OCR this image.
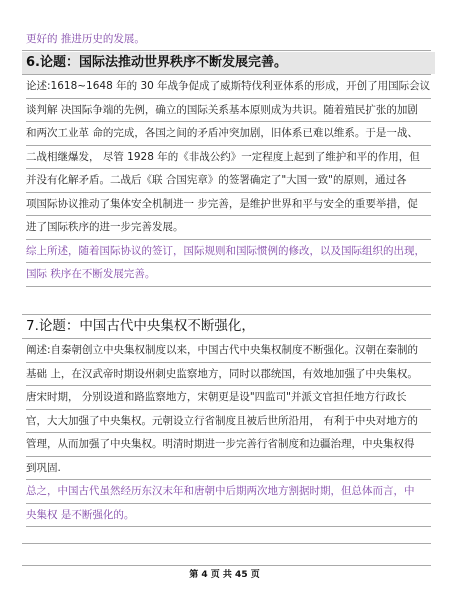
更好的 推进历史的发展。
6.论题：国际法推动世界秩序不断发展完善。
论述:1618~1648 年的 30 年战争促成了威斯特伐利亚体系的形成，开创了用国际会议
谈判解 决国际争端的先例，确立的国际关系基本原则成为共识。随着殖民扩张的加剧
和两次工业革 命的完成，各国之间的矛盾冲突加剧，旧体系已难以维系。于是一战、
二战相继爆发， 尽管 1928 年的《非战公约》一定程度上起到了维护和平的作用，但
并没有化解矛盾。二战后《联 合国宪章》的签署确定了"大国一致"的原则，通过各
项国际协议推动了集体安全机制进一 步完善，是维护世界和平与安全的重要举措，促
进了国际秩序的进一步完善发展。
综上所述，随着国际协议的签订，国际规则和国际惯例的修改，以及国际组织的出现，
国际 秩序在不断发展完善。
7.论题：中国古代中央集权不断强化，
阐述:自秦朝创立中央集权制度以来，中国古代中央集权制度不断强化。汉朝在秦制的
基础 上，在汉武帝时期设州刺史监察地方，同时以郡统国，有效地加强了中央集权。
唐宋时期， 分别设道和路监察地方，宋朝更是设"四监司"并派文官担任地方行政长
官，大大加强了中央集权。元朝设立行省制度且被后世所沿用， 有利于中央对地方的
管理，从而加强了中央集权。明清时期进一步完善行省制度和边疆治理，中央集权得
到巩固.
总之，中国古代虽然经历东汉末年和唐朝中后期两次地方割据时期，但总体而言，中
央集权 是不断强化的。
第 4 页 共 45 页
